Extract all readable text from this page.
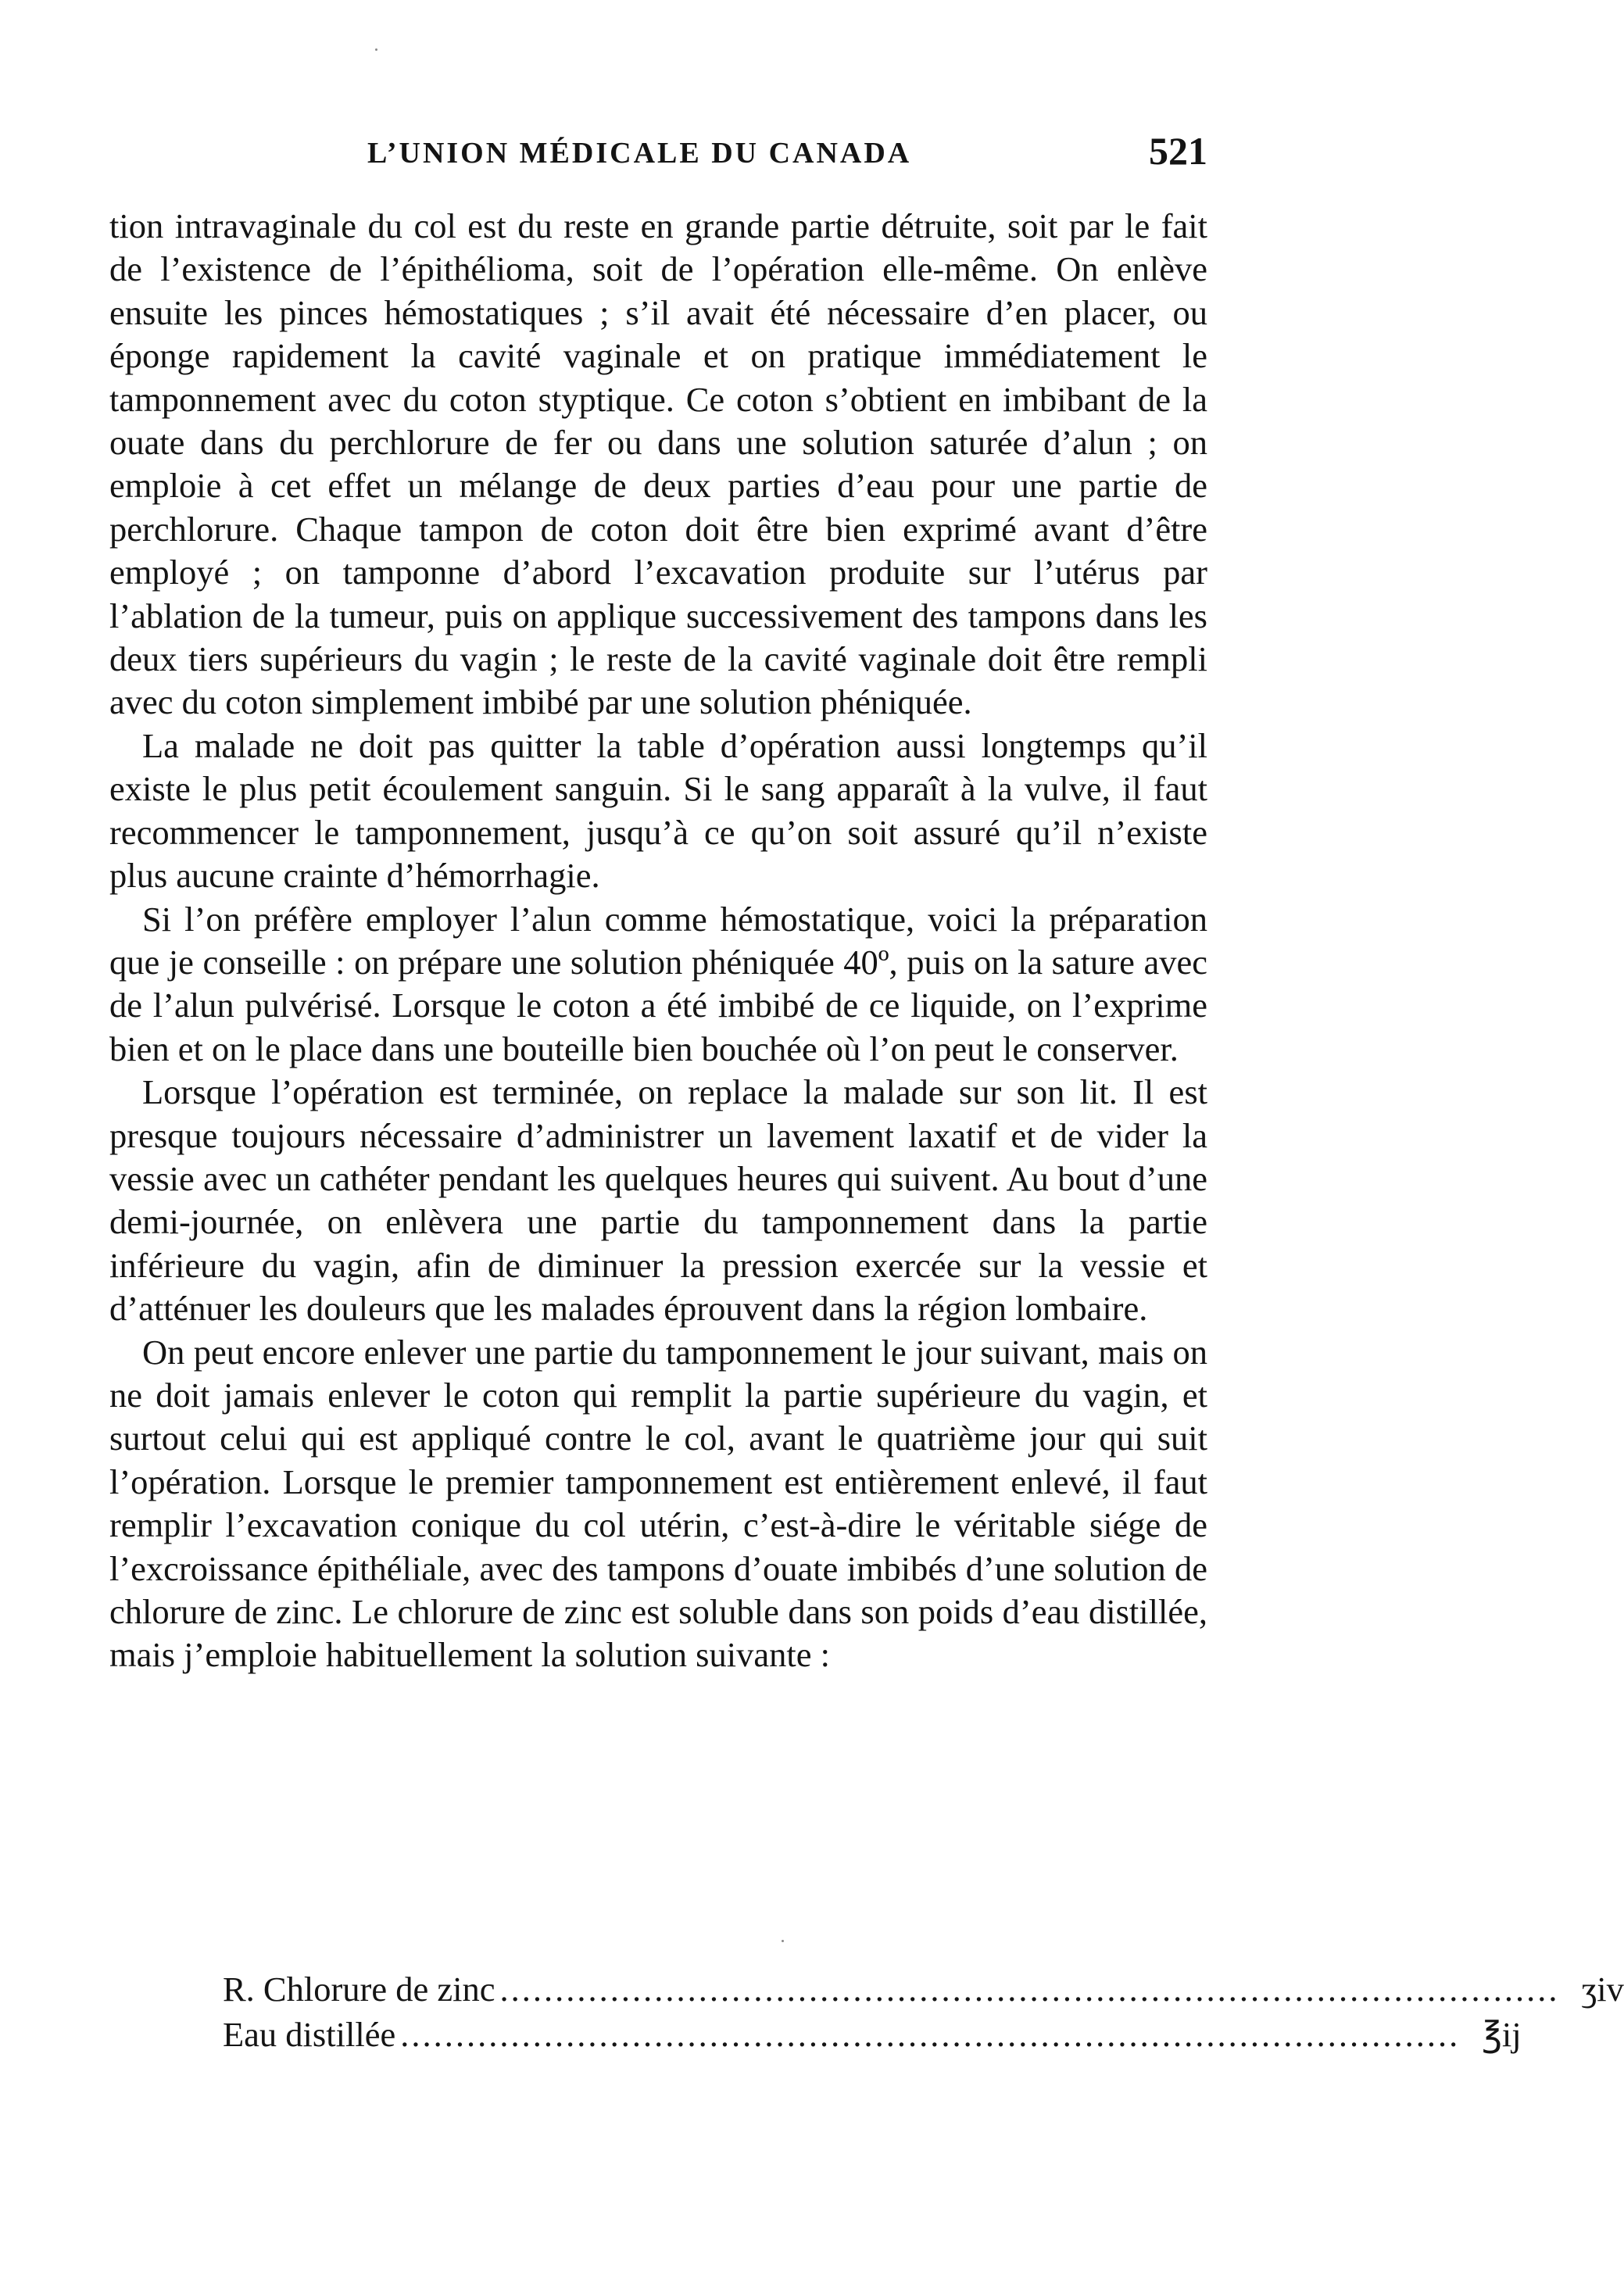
L’UNION MÉDICALE DU CANADA	521

tion intravaginale du col est du reste en grande partie détruite, soit par le fait de l’existence de l’épithélioma, soit de l’opération elle-même. On enlève ensuite les pinces hémostatiques ; s’il avait été nécessaire d’en placer, ou éponge rapidement la cavité vaginale et on pratique immédiatement le tamponnement avec du coton styptique. Ce coton s’obtient en imbibant de la ouate dans du perchlorure de fer ou dans une solution saturée d’alun ; on emploie à cet effet un mélange de deux parties d’eau pour une partie de perchlorure. Chaque tampon de coton doit être bien exprimé avant d’être employé ; on tamponne d’abord l’excavation produite sur l’utérus par l’ablation de la tumeur, puis on applique successivement des tampons dans les deux tiers supérieurs du vagin ; le reste de la cavité vaginale doit être rempli avec du coton simplement imbibé par une solution phéniquée.

La malade ne doit pas quitter la table d’opération aussi longtemps qu’il existe le plus petit écoulement sanguin. Si le sang apparaît à la vulve, il faut recommencer le tamponnement, jusqu’à ce qu’on soit assuré qu’il n’existe plus aucune crainte d’hémorrhagie.

Si l’on préfère employer l’alun comme hémostatique, voici la préparation que je conseille : on prépare une solution phéniquée 40º, puis on la sature avec de l’alun pulvérisé. Lorsque le coton a été imbibé de ce liquide, on l’exprime bien et on le place dans une bouteille bien bouchée où l’on peut le conserver.

Lorsque l’opération est terminée, on replace la malade sur son lit. Il est presque toujours nécessaire d’administrer un lavement laxatif et de vider la vessie avec un cathéter pendant les quelques heures qui suivent. Au bout d’une demi-journée, on enlèvera une partie du tamponnement dans la partie inférieure du vagin, afin de diminuer la pression exercée sur la vessie et d’atténuer les douleurs que les malades éprouvent dans la région lombaire.

On peut encore enlever une partie du tamponnement le jour suivant, mais on ne doit jamais enlever le coton qui remplit la partie supérieure du vagin, et surtout celui qui est appliqué contre le col, avant le quatrième jour qui suit l’opération. Lorsque le premier tamponnement est entièrement enlevé, il faut remplir l’excavation conique du col utérin, c’est-à-dire le véritable siége de l’excroissance épithéliale, avec des tampons d’ouate imbibés d’une solution de chlorure de zinc. Le chlorure de zinc est soluble dans son poids d’eau distillée, mais j’emploie habituellement la solution suivante :

R. Chlorure de zinc ................................................................................................ ʒiv
Eau distillée ................................................................................................ ℥ij
